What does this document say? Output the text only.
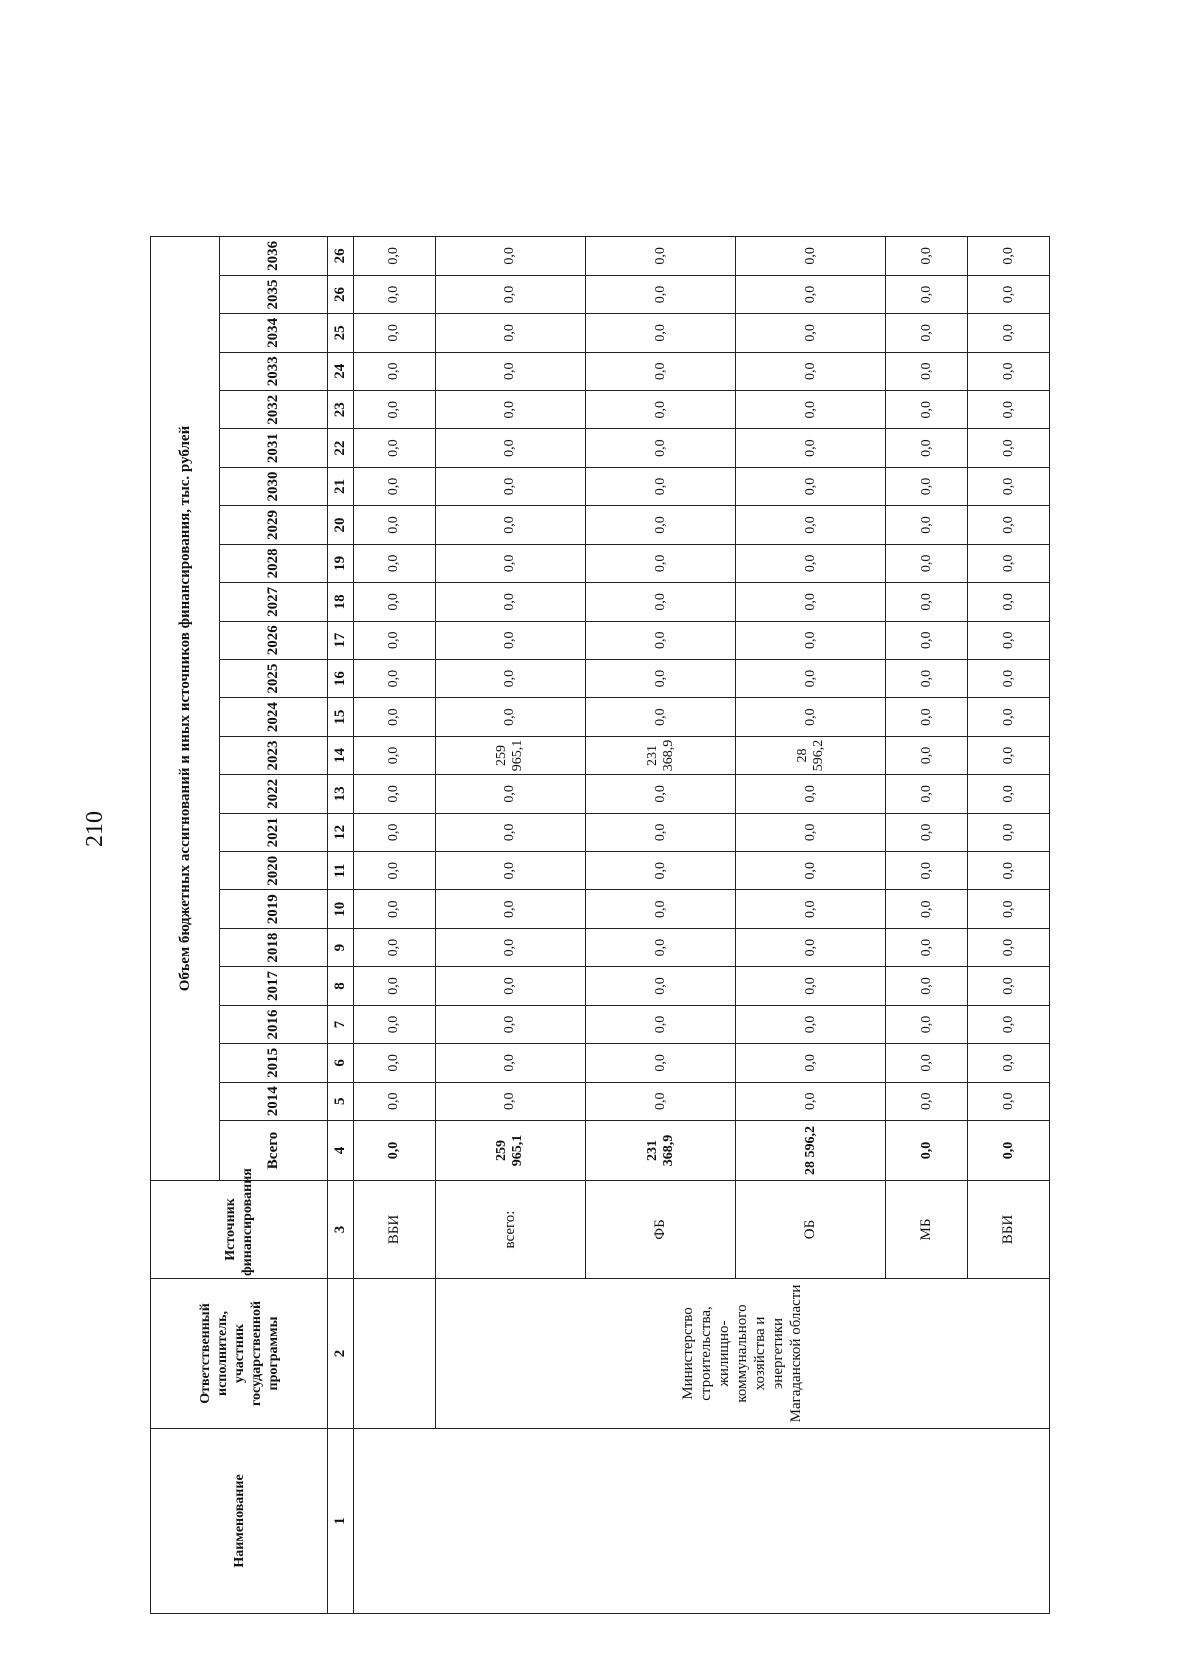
210
Наименование	Ответственный исполнитель, участник государственной программы	Источник финансирования	Объем бюджетных ассигнований и иных источников финансирования, тыс. рублей																							
			Всего	2014	2015	2016	2017	2018	2019	2020	2021	2022	2023	2024	2025	2026	2027	2028	2029	2030	2031	2032	2033	2034	2035	2036
1	2	3	4	5	6	7	8	9	10	11	12	13	14	15	16	17	18	19	20	21	22	23	24	25	26	26
		ВБИ	0,0	0,0	0,0	0,0	0,0	0,0	0,0	0,0	0,0	0,0	0,0	0,0	0,0	0,0	0,0	0,0	0,0	0,0	0,0	0,0	0,0	0,0	0,0	0,0
	Министерство строительства, жилищно-коммунального хозяйства и энергетики Магаданской области	всего:	259 965,1	0,0	0,0	0,0	0,0	0,0	0,0	0,0	0,0	0,0	259 965,1	0,0	0,0	0,0	0,0	0,0	0,0	0,0	0,0	0,0	0,0	0,0	0,0	0,0
		ФБ	231 368,9	0,0	0,0	0,0	0,0	0,0	0,0	0,0	0,0	0,0	231 368,9	0,0	0,0	0,0	0,0	0,0	0,0	0,0	0,0	0,0	0,0	0,0	0,0	0,0
		ОБ	28 596,2	0,0	0,0	0,0	0,0	0,0	0,0	0,0	0,0	0,0	28 596,2	0,0	0,0	0,0	0,0	0,0	0,0	0,0	0,0	0,0	0,0	0,0	0,0	0,0
		МБ	0,0	0,0	0,0	0,0	0,0	0,0	0,0	0,0	0,0	0,0	0,0	0,0	0,0	0,0	0,0	0,0	0,0	0,0	0,0	0,0	0,0	0,0	0,0	0,0
		ВБИ	0,0	0,0	0,0	0,0	0,0	0,0	0,0	0,0	0,0	0,0	0,0	0,0	0,0	0,0	0,0	0,0	0,0	0,0	0,0	0,0	0,0	0,0	0,0	0,0
